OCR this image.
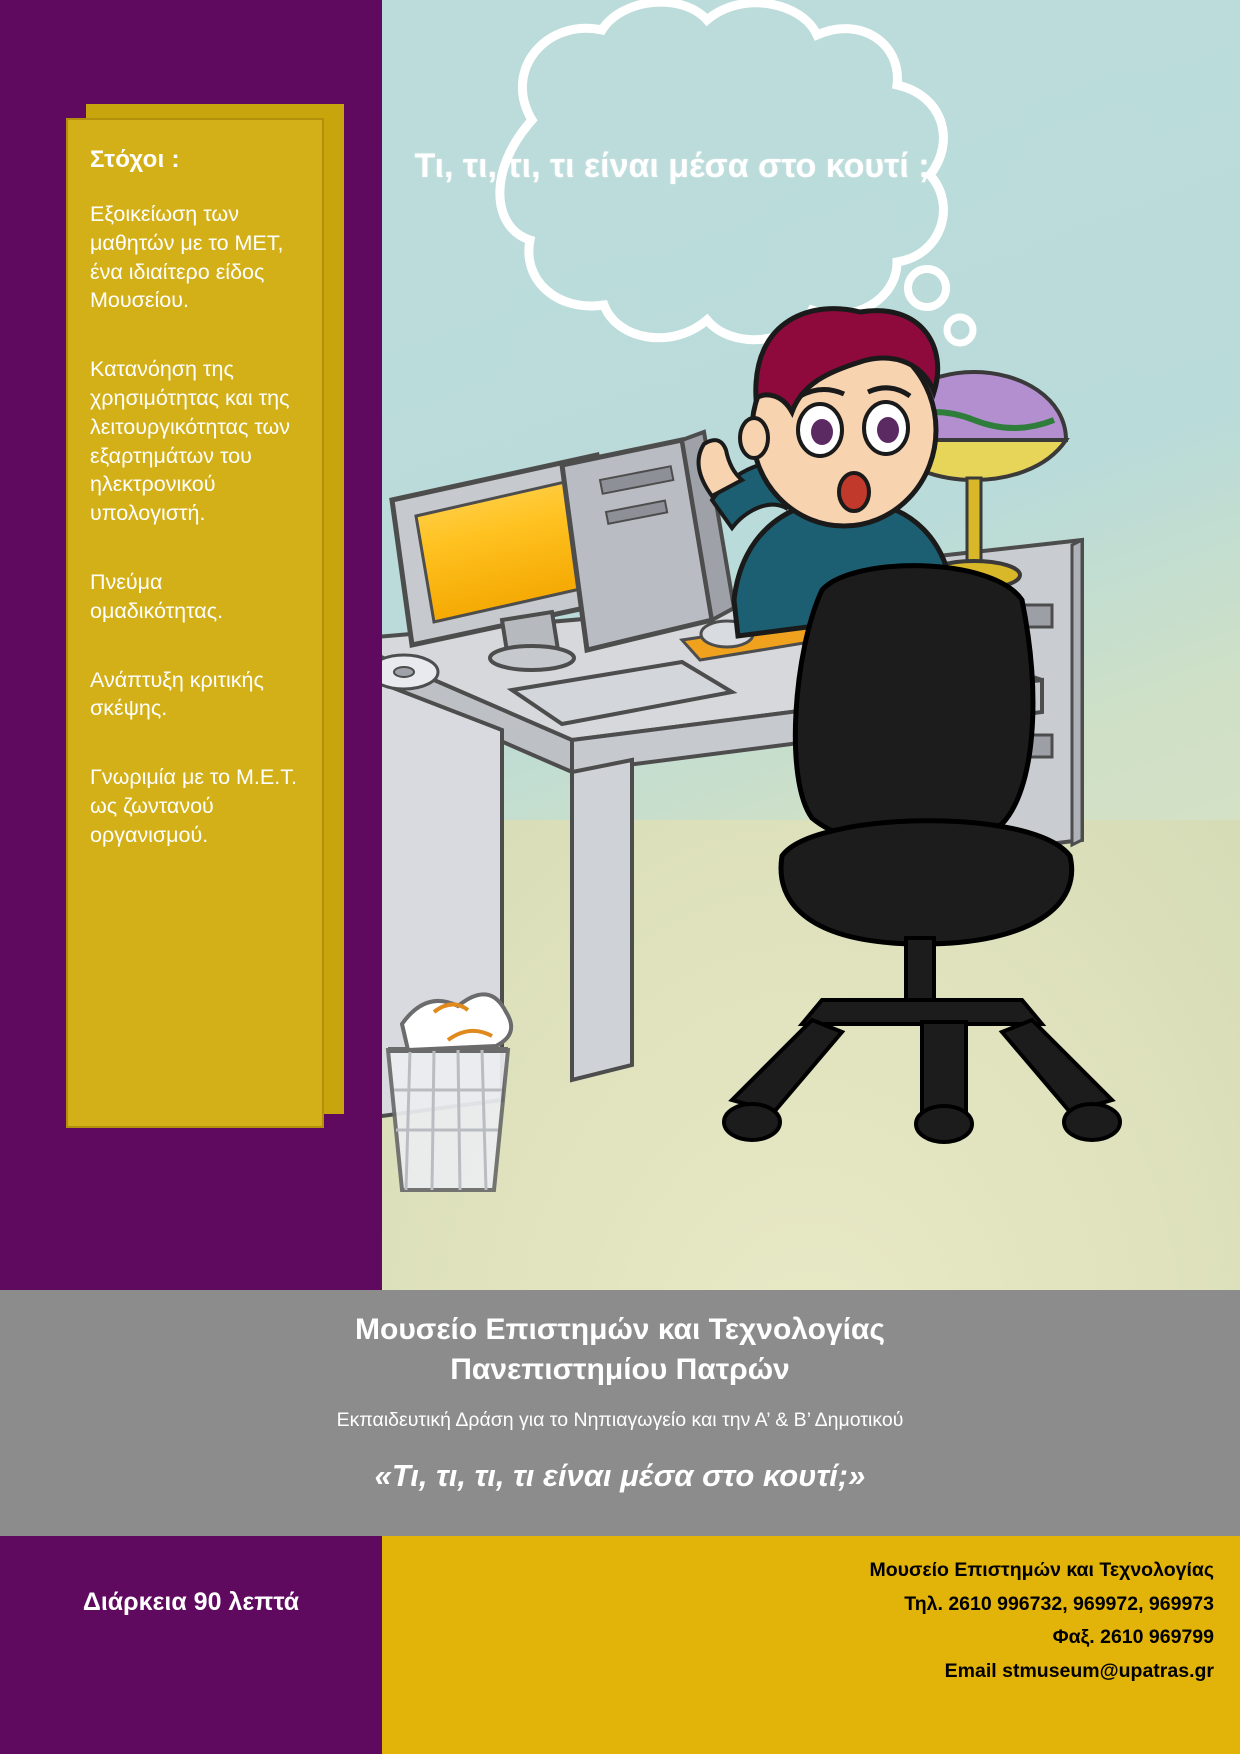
Τι, τι, τι, τι είναι μέσα στο κουτί ;
Στόχοι :

Εξοικείωση των μαθητών με το ΜΕΤ, ένα ιδιαίτερο είδος Μουσείου.

Κατανόηση της χρησιμότητας και της λειτουργικότητας των εξαρτημάτων του ηλεκτρονικού υπολογιστή.

Πνεύμα ομαδικότητας.

Ανάπτυξη κριτικής σκέψης.

Γνωριμία με το Μ.Ε.Τ. ως ζωντανού οργανισμού.

Μουσείο Επιστημών και Τεχνολογίας

Πανεπιστημίου Πατρών

Εκπαιδευτική Δράση για το Νηπιαγωγείο και την Α’ & Β’ Δημοτικού

«Τι, τι, τι, τι είναι μέσα στο κουτί;»

Διάρκεια 90 λεπτά
Μουσείο Επιστημών και Τεχνολογίας
Τηλ. 2610 996732, 969972, 969973
Φαξ. 2610 969799
Email stmuseum@upatras.gr
